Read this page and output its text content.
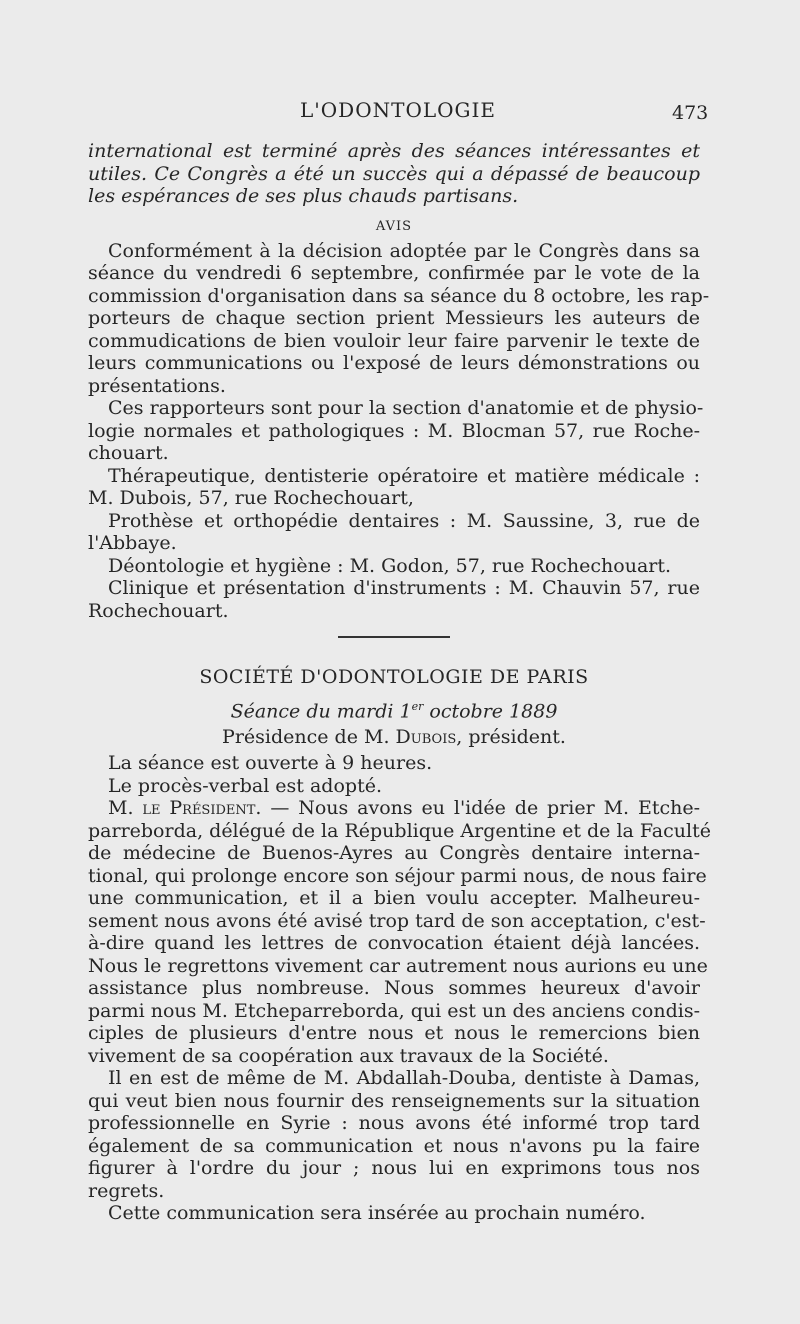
L'ODONTOLOGIE	473
international est terminé après des séances intéressantes et
utiles. Ce Congrès a été un succès qui a dépassé de beaucoup
les espérances de ses plus chauds partisans.
AVIS
Conformément à la décision adoptée par le Congrès dans sa
séance du vendredi 6 septembre, confirmée par le vote de la
commission d'organisation dans sa séance du 8 octobre, les rap-
porteurs de chaque section prient Messieurs les auteurs de
commudications de bien vouloir leur faire parvenir le texte de
leurs communications ou l'exposé de leurs démonstrations ou
présentations.
Ces rapporteurs sont pour la section d'anatomie et de physio-
logie normales et pathologiques : M. Blocman 57, rue Roche-
chouart.
Thérapeutique, dentisterie opératoire et matière médicale :
M. Dubois, 57, rue Rochechouart,
Prothèse et orthopédie dentaires : M. Saussine, 3, rue de
l'Abbaye.
Déontologie et hygiène : M. Godon, 57, rue Rochechouart.
Clinique et présentation d'instruments : M. Chauvin 57, rue
Rochechouart.
SOCIÉTÉ D'ODONTOLOGIE DE PARIS
Séance du mardi 1er octobre 1889
Présidence de M. Dubois, président.
La séance est ouverte à 9 heures.
Le procès-verbal est adopté.
M. le Président. — Nous avons eu l'idée de prier M. Etche-
parreborda, délégué de la République Argentine et de la Faculté
de médecine de Buenos-Ayres au Congrès dentaire interna-
tional, qui prolonge encore son séjour parmi nous, de nous faire
une communication, et il a bien voulu accepter. Malheureu-
sement nous avons été avisé trop tard de son acceptation, c'est-
à-dire quand les lettres de convocation étaient déjà lancées.
Nous le regrettons vivement car autrement nous aurions eu une
assistance plus nombreuse. Nous sommes heureux d'avoir
parmi nous M. Etcheparreborda, qui est un des anciens condis-
ciples de plusieurs d'entre nous et nous le remercions bien
vivement de sa coopération aux travaux de la Société.
Il en est de même de M. Abdallah-Douba, dentiste à Damas,
qui veut bien nous fournir des renseignements sur la situation
professionnelle en Syrie : nous avons été informé trop tard
également de sa communication et nous n'avons pu la faire
figurer à l'ordre du jour ; nous lui en exprimons tous nos
regrets.
Cette communication sera insérée au prochain numéro.
